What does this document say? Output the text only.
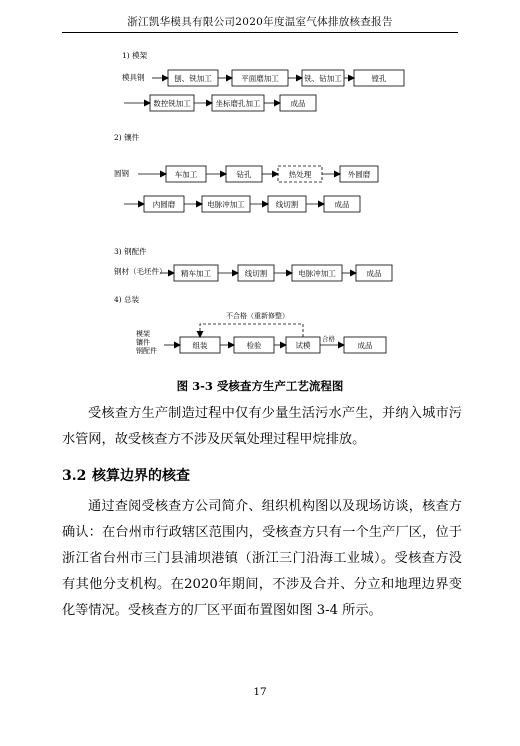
浙江凯华模具有限公司2020年度温室气体排放核查报告
1) 模架
模具钢	刨、铣加工	平面磨加工	铣、钻加工	镗孔
数控铣加工	坐标磨孔加工	成品
2) 镶件
圆钢	车加工	钻孔	热处理	外圆磨
内圆磨	电脉冲加工	线切割	成品
3) 钢配件
钢材（毛坯件） 精车加工	线切割	电脉冲加工	成品
4) 总装
不合格（重新修整）
模架
镶件
钢配件
组装	检验	试模	成品
合格
图 3-3 受核查方生产工艺流程图
受核查方生产制造过程中仅有少量生活污水产生，并纳入城市污水管网，故受核查方不涉及厌氧处理过程甲烷排放。
3.2 核算边界的核查
通过查阅受核查方公司简介、组织机构图以及现场访谈，核查方确认：在台州市行政辖区范围内，受核查方只有一个生产厂区，位于浙江省台州市三门县浦坝港镇（浙江三门沿海工业城）。受核查方没有其他分支机构。在2020年期间，不涉及合并、分立和地理边界变化等情况。受核查方的厂区平面布置图如图 3-4 所示。
17
